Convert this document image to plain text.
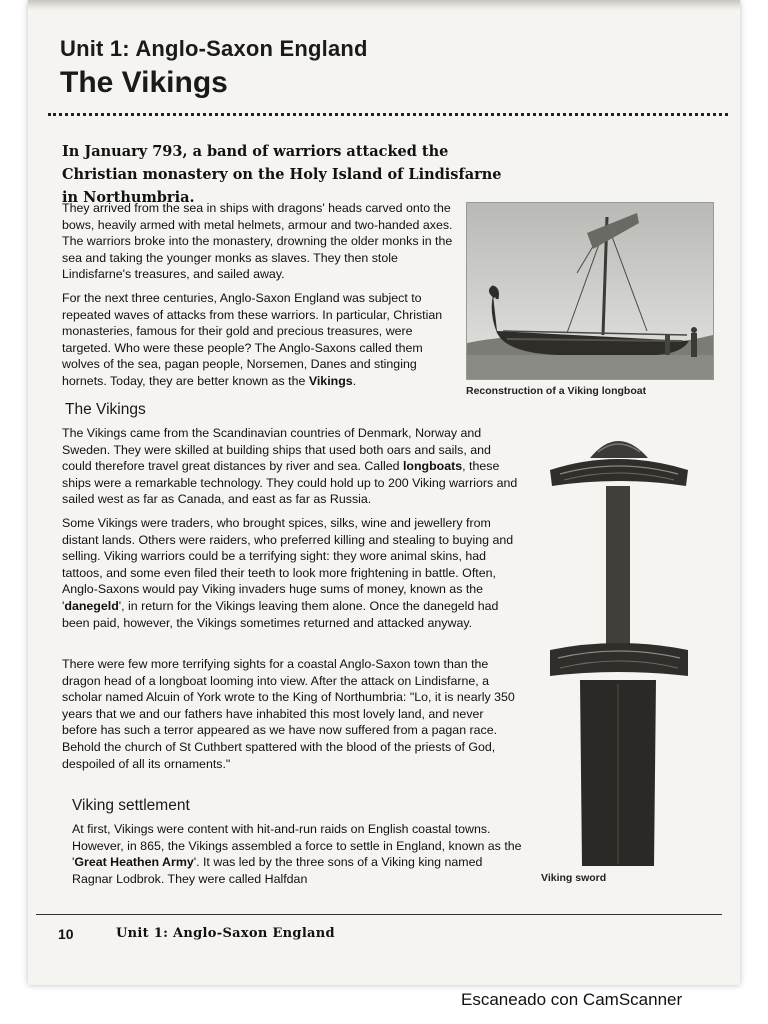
Unit 1: Anglo-Saxon England
The Vikings
In January 793, a band of warriors attacked the Christian monastery on the Holy Island of Lindisfarne in Northumbria.
They arrived from the sea in ships with dragons' heads carved onto the bows, heavily armed with metal helmets, armour and two-handed axes. The warriors broke into the monastery, drowning the older monks in the sea and taking the younger monks as slaves. They then stole Lindisfarne's treasures, and sailed away.
For the next three centuries, Anglo-Saxon England was subject to repeated waves of attacks from these warriors. In particular, Christian monasteries, famous for their gold and precious treasures, were targeted. Who were these people? The Anglo-Saxons called them wolves of the sea, pagan people, Norsemen, Danes and stinging hornets. Today, they are better known as the Vikings.
Reconstruction of a Viking longboat
The Vikings
The Vikings came from the Scandinavian countries of Denmark, Norway and Sweden. They were skilled at building ships that used both oars and sails, and could therefore travel great distances by river and sea. Called longboats, these ships were a remarkable technology. They could hold up to 200 Viking warriors and sailed west as far as Canada, and east as far as Russia.
Some Vikings were traders, who brought spices, silks, wine and jewellery from distant lands. Others were raiders, who preferred killing and stealing to buying and selling. Viking warriors could be a terrifying sight: they wore animal skins, had tattoos, and some even filed their teeth to look more frightening in battle. Often, Anglo-Saxons would pay Viking invaders huge sums of money, known as the 'danegeld', in return for the Vikings leaving them alone. Once the danegeld had been paid, however, the Vikings sometimes returned and attacked anyway.
There were few more terrifying sights for a coastal Anglo-Saxon town than the dragon head of a longboat looming into view. After the attack on Lindisfarne, a scholar named Alcuin of York wrote to the King of Northumbria: "Lo, it is nearly 350 years that we and our fathers have inhabited this most lovely land, and never before has such a terror appeared as we have now suffered from a pagan race. Behold the church of St Cuthbert spattered with the blood of the priests of God, despoiled of all its ornaments."
Viking settlement
At first, Vikings were content with hit-and-run raids on English coastal towns. However, in 865, the Vikings assembled a force to settle in England, known as the 'Great Heathen Army'. It was led by the three sons of a Viking king named Ragnar Lodbrok. They were called Halfdan	Viking sword
10	Unit 1: Anglo-Saxon England
Escaneado con CamScanner
